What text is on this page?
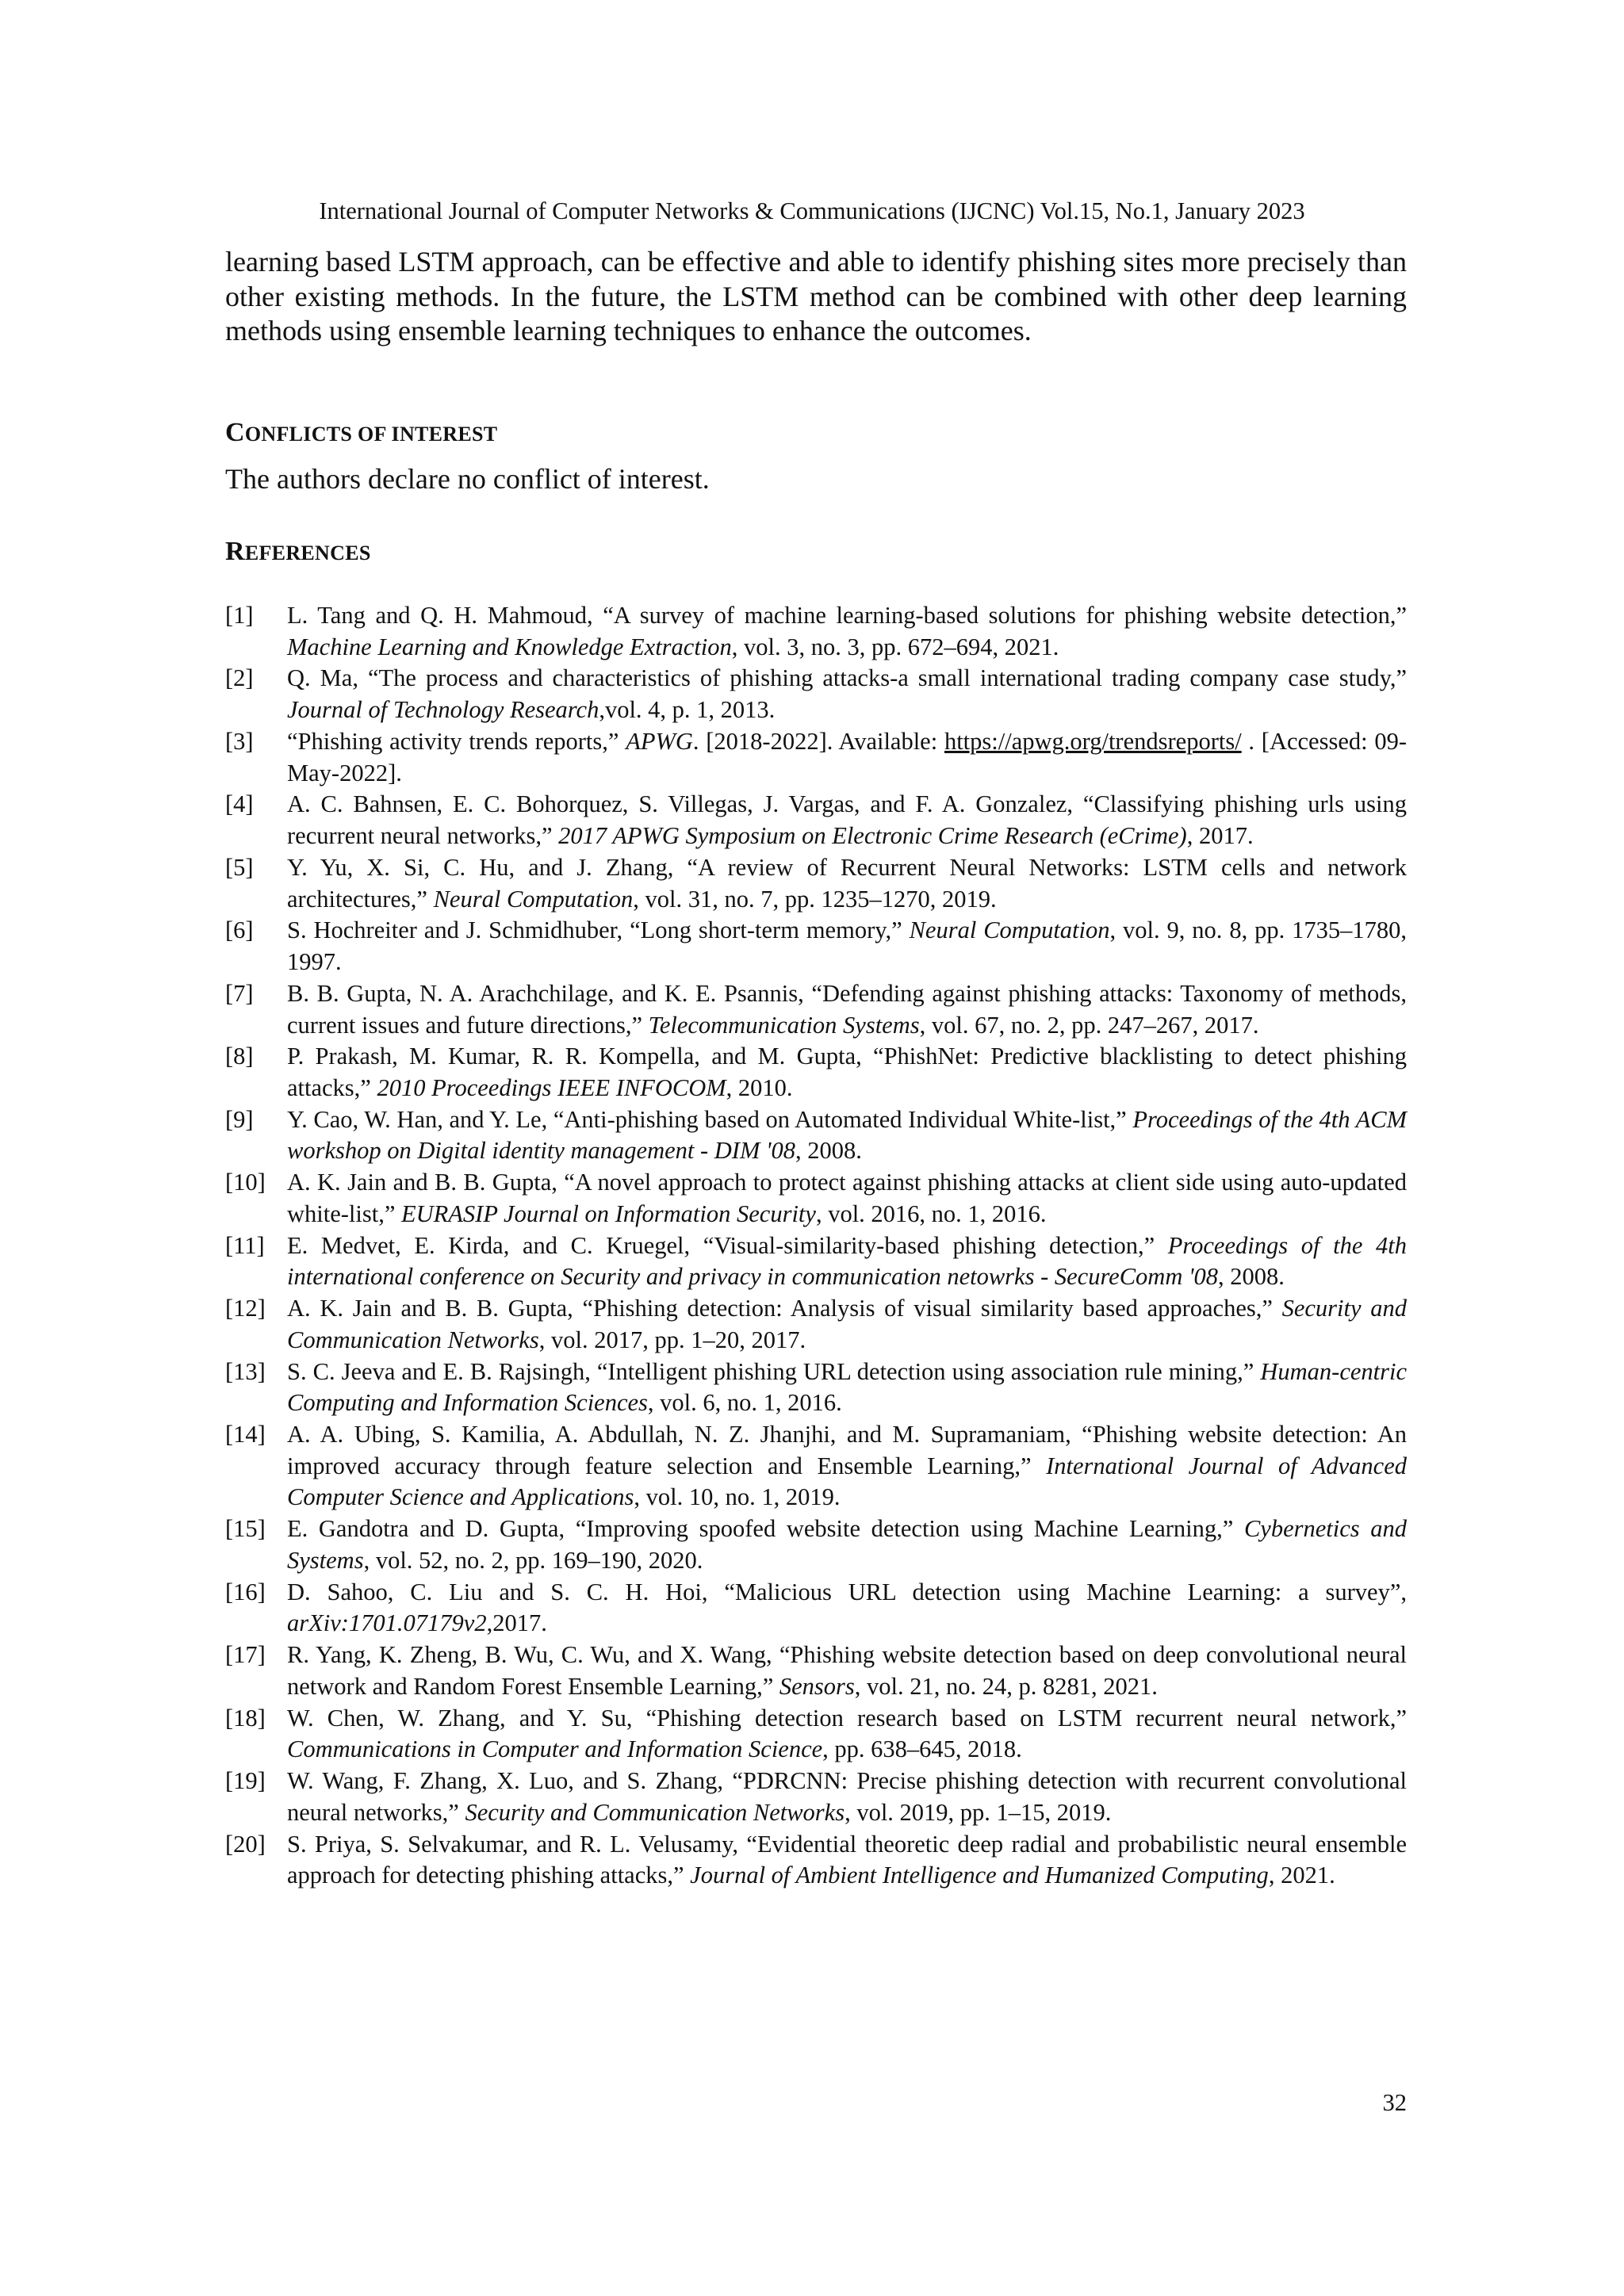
International Journal of Computer Networks & Communications (IJCNC) Vol.15, No.1, January 2023

learning based LSTM approach, can be effective and able to identify phishing sites more precisely than other existing methods. In the future, the LSTM method can be combined with other deep learning methods using ensemble learning techniques to enhance the outcomes.

CONFLICTS OF INTEREST

The authors declare no conflict of interest.

REFERENCES
[1]	L. Tang and Q. H. Mahmoud, “A survey of machine learning-based solutions for phishing website detection,” Machine Learning and Knowledge Extraction, vol. 3, no. 3, pp. 672–694, 2021.
[2]	Q. Ma, “The process and characteristics of phishing attacks-a small international trading company case study,” Journal of Technology Research,vol. 4, p. 1, 2013.
[3]	“Phishing activity trends reports,” APWG. [2018-2022]. Available: https://apwg.org/trendsreports/ . [Accessed: 09-May-2022].
[4]	A. C. Bahnsen, E. C. Bohorquez, S. Villegas, J. Vargas, and F. A. Gonzalez, “Classifying phishing urls using recurrent neural networks,” 2017 APWG Symposium on Electronic Crime Research (eCrime), 2017.
[5]	Y. Yu, X. Si, C. Hu, and J. Zhang, “A review of Recurrent Neural Networks: LSTM cells and network architectures,” Neural Computation, vol. 31, no. 7, pp. 1235–1270, 2019.
[6]	S. Hochreiter and J. Schmidhuber, “Long short-term memory,” Neural Computation, vol. 9, no. 8, pp. 1735–1780, 1997.
[7]	B. B. Gupta, N. A. Arachchilage, and K. E. Psannis, “Defending against phishing attacks: Taxonomy of methods, current issues and future directions,” Telecommunication Systems, vol. 67, no. 2, pp. 247–267, 2017.
[8]	P. Prakash, M. Kumar, R. R. Kompella, and M. Gupta, “PhishNet: Predictive blacklisting to detect phishing attacks,” 2010 Proceedings IEEE INFOCOM, 2010.
[9]	Y. Cao, W. Han, and Y. Le, “Anti-phishing based on Automated Individual White-list,” Proceedings of the 4th ACM workshop on Digital identity management - DIM '08, 2008.
[10] A. K. Jain and B. B. Gupta, “A novel approach to protect against phishing attacks at client side using auto-updated white-list,” EURASIP Journal on Information Security, vol. 2016, no. 1, 2016.
[11] E. Medvet, E. Kirda, and C. Kruegel, “Visual-similarity-based phishing detection,” Proceedings of the 4th international conference on Security and privacy in communication netowrks - SecureComm '08, 2008.
[12] A. K. Jain and B. B. Gupta, “Phishing detection: Analysis of visual similarity based approaches,” Security and Communication Networks, vol. 2017, pp. 1–20, 2017.
[13] S. C. Jeeva and E. B. Rajsingh, “Intelligent phishing URL detection using association rule mining,” Human-centric Computing and Information Sciences, vol. 6, no. 1, 2016.
[14] A. A. Ubing, S. Kamilia, A. Abdullah, N. Z. Jhanjhi, and M. Supramaniam, “Phishing website detection: An improved accuracy through feature selection and Ensemble Learning,” International Journal of Advanced Computer Science and Applications, vol. 10, no. 1, 2019.
[15] E. Gandotra and D. Gupta, “Improving spoofed website detection using Machine Learning,” Cybernetics and Systems, vol. 52, no. 2, pp. 169–190, 2020.
[16] D. Sahoo, C. Liu and S. C. H. Hoi, “Malicious URL detection using Machine Learning: a survey”, arXiv:1701.07179v2,2017.
[17] R. Yang, K. Zheng, B. Wu, C. Wu, and X. Wang, “Phishing website detection based on deep convolutional neural network and Random Forest Ensemble Learning,” Sensors, vol. 21, no. 24, p. 8281, 2021.
[18] W. Chen, W. Zhang, and Y. Su, “Phishing detection research based on LSTM recurrent neural network,” Communications in Computer and Information Science, pp. 638–645, 2018.
[19] W. Wang, F. Zhang, X. Luo, and S. Zhang, “PDRCNN: Precise phishing detection with recurrent convolutional neural networks,” Security and Communication Networks, vol. 2019, pp. 1–15, 2019.
[20] S. Priya, S. Selvakumar, and R. L. Velusamy, “Evidential theoretic deep radial and probabilistic neural ensemble approach for detecting phishing attacks,” Journal of Ambient Intelligence and Humanized Computing, 2021.
32
